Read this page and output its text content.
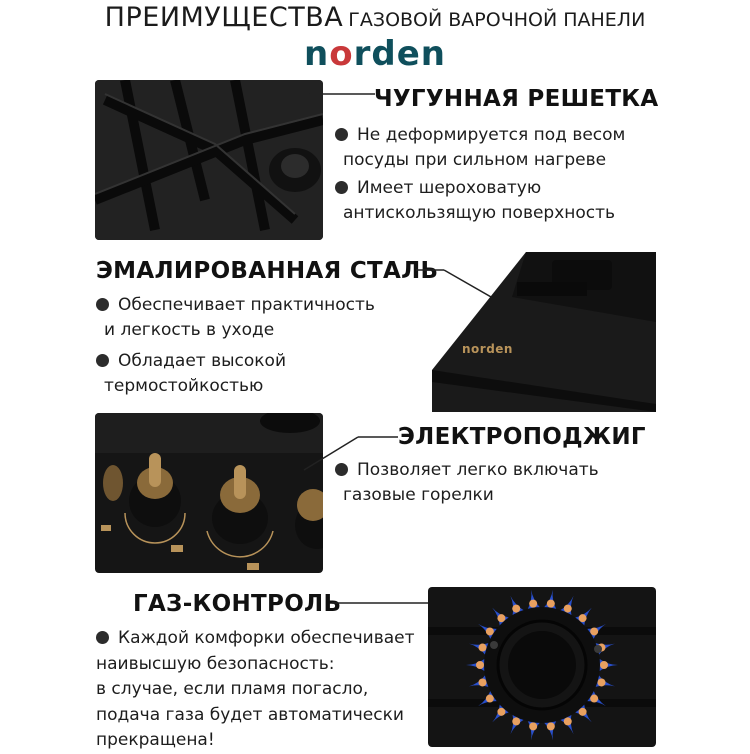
ПРЕИМУЩЕСТВА ГАЗОВОЙ ВАРОЧНОЙ ПАНЕЛИ
norden
ЧУГУННАЯ РЕШЕТКА
Не деформируется под весом
посуды при сильном нагреве
Имеет шероховатую
антискользящую поверхность
ЭМАЛИРОВАННАЯ СТАЛЬ
norden
Обеспечивает практичность
и легкость в уходе
Обладает высокой
термостойкостью
ЭЛЕКТРОПОДЖИГ
Позволяет легко включать
газовые горелки
ГАЗ-КОНТРОЛЬ
Каждой комфорки обеспечивает
наивысшую безопасность:
в случае, если пламя погасло,
подача газа будет автоматически
прекращена!
